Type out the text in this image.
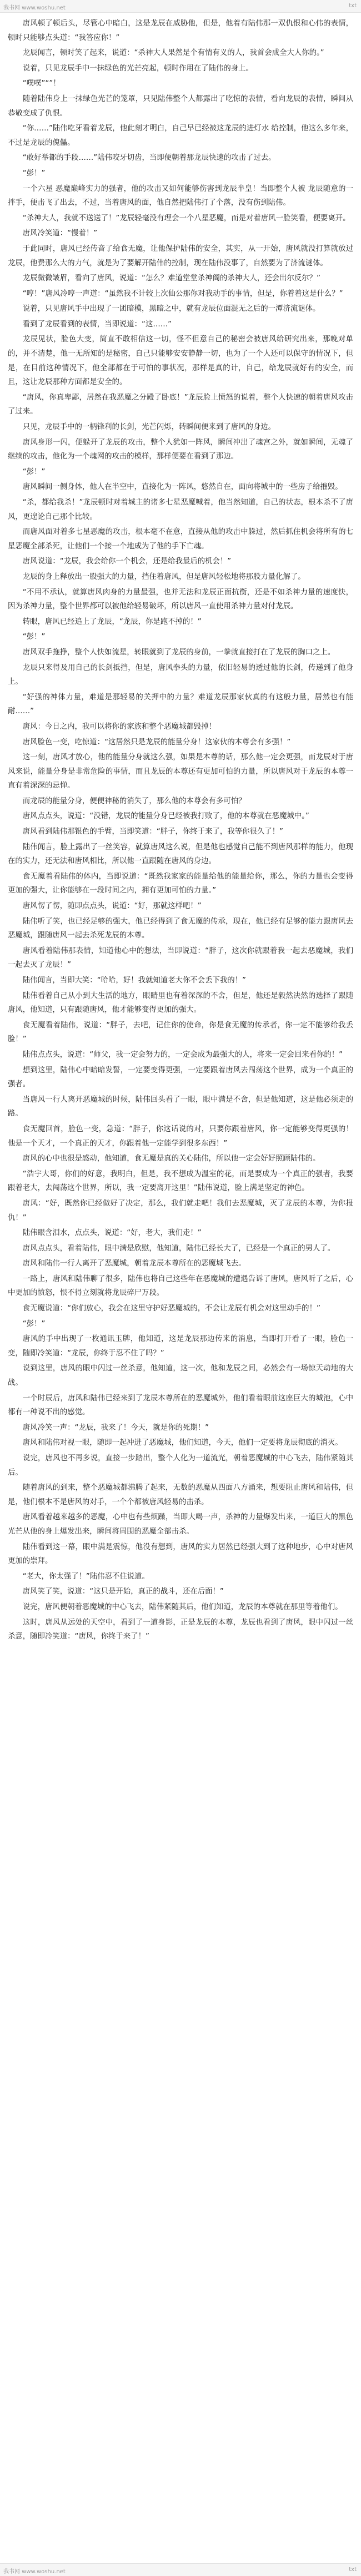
我书网 www.woshu.net	txt

唐风顿了顿后头，尽管心中暗白，这是龙辰在威胁他，但是，他着有陆伟那一双仇恨和心伟的表情，顿时只能够点头道：“我答应你！”

龙辰闻言，顿时笑了起来，说道：“杀神大人果然是个有情有义的人，我首会成全大人你的。”

说着，只见龙辰手中一抹绿色的光芒亮起，顿时作用在了陆伟的身上。

“噗噗”“”！

随着陆伟身上一抹绿色光芒的笼罩，只见陆伟整个人都露出了吃惊的表情，看向龙辰的表情，瞬间从恭敬变成了仇恨。

“你……”陆伟吃牙看着龙辰，他此刻才明白，自己早已经被这龙辰的进灯水 给控制，他这么多年来，不过是龙辰的傀儡。

“敢好举都的手段……”陆伟咬牙切齿，当即便朝着那龙辰快速的攻击了过去。

“彭！”

一个六星 恶魔巅峰实力的强者，他的攻击又如何能够伤害到龙辰半皇！当即整个人被 龙辰随意的一拌手，便击飞了出去，不过，当着唐风的面，他自然把陆伟打了个落，没有伤到陆伟。

“杀神大人，我就不送送了！”龙辰轻毫没有理会一个八星恶魔，而是对着唐风一脸笑看，便要离开。

唐风冷笑道：“慢着！”

于此同时，唐风已经传音了给食无魔，让他保护陆伟的安全，其实，从一开始，唐风就没打算就放过龙辰，他费那么大的力气，就是为了要解开陆伟的控制，现在陆伟没事了，自然要为了济流谜体。

龙辰微微皱眉，看向了唐风，说道：“怎么？难道堂堂杀神阁的杀神大人，还会出尔反尔？”

“哼！”唐风冷哼一声道：“虽然我不计较上次仙公那你对我动手的事情，但是，你着着这是什么？”

说着，只见唐风手中出现了一团暗模，黑暗之中，就有龙辰位面混无之后的一潭济流谜体。

看到了龙辰看到的表情，当即说道：“这……”

龙辰见状，脸色大变，简直不敢相信这一切，怪不但意自己的秘密会被唐风给研究出来，那晚对单的，并不清楚，他一无所知的是秘密，自己只能够安安静静一切，也为了一个人还可以保守的情况下，但是，在目前这种情况下，他全部都在于可怕的事状况，那样是真的计，自己，给龙辰就好有的安全，而且，这让龙辰那种方面都是安全的。

“唐风，你真卑鄙，居然在我恶魔之分殿了卧底！”龙辰脸上愤怒的说着，整个人快速的朝着唐风攻击了过来。

只见，龙辰手中的一柄锋利的长剑，光芒闪烁，转瞬间便来到了唐风的身边。

唐风身形一闪，便躲开了龙辰的攻击，整个人犹如一阵风，瞬间冲出了魂宫之外，就如瞬间，无魂了继续的攻击，他化为一个魂网的攻击的模样，那样便要在看到了那边。

“彭！”

唐风瞬间一侧身体，他人在半空中，直接化为一阵风，悠然自在，面向将城中的一些房子给摧毁。

“杀，都给我杀！”龙辰顿时对着城主的诸多七星恶魔喊着，他当然知道，自己的状态，根本杀不了唐风，更遑论自己那个比较。

而唐风面对着多七星恶魔的攻击，根本毫不在意，直接从他的攻击中躲过，然后抓住机会将所有的七星恶魔全部杀死，让他们一个接一个地成为了他的手下亡魂。

唐风说道：“龙辰，我会给你一个机会，还是给我最后的机会！”

龙辰的身上释放出一股强大的力量，挡住着唐风，但是唐风轻松地将那股力量化解了。

“不用不承认，就算唐风肉身的力量最强，也并无法和龙辰正面抗衡，还是不如杀神力量的速度快，因为杀神力量，整个世界都可以被他给轻易破坏，所以唐风一直使用杀神力量对付龙辰。

转眼，唐风已经追上了龙辰，“龙辰，你是跑不掉的！”

“彭！”

唐风双手拖挣，整个人快如流星，转眼就到了龙辰的身前，一拳就直接打在了龙辰的胸口之上。

龙辰只来得及用自己的长剑抵挡，但是，唐风拳头的力量，依旧轻易的透过他的长剑，传递到了他身上。

“好强的神体力量，难道是那轻易的关押中的力量？难道龙辰那家伙真的有这般力量，居然也有能耐……”

唐风：今日之内，我可以将你的家族和整个恶魔城都毁掉！

唐风脸色一变，吃惊道：“这居然只是龙辰的能量分身！这家伙的本尊会有多强！”

这一刻，唐风才放心，他的能量分身就这么强，如果是本尊的话，那么他一定会更强，而龙辰对于唐风来说，能量分身是非常危险的事情，而且龙辰的本尊还有更加可怕的力量，所以唐风对于龙辰的本尊一直有着深深的忌惮。

而龙辰的能量分身，便便神秘的消失了，那么他的本尊会有多可怕？

唐风点点头，说道：“没错，龙辰的能量分身已经被我打败了，他的本尊就在恶魔城中。”

唐风看到陆伟那银色的手臂，当即笑道：“胖子，你终于来了，我等你很久了！”

陆伟闻言，脸上露出了一丝笑容，就算唐风这么说，但是他也感觉自己能不到唐风那样的能力，他现在的实力，还无法和唐风相比，所以他一直跟随在唐风的身边。

食无魔着看陆伟的体内，当即说道：“既然我家家的能量给他的能量给你，那么，你的力量也会变得更加的强大，让你能够在一段时间之内，拥有更加可怕的力量。”

唐风愣了愣，随即点点头，说道：“好，那就这样吧！”

陆伟听了笑，也已经足够的强大，他已经得到了食无魔的传承，现在，他已经有足够的能力跟唐风去恶魔城，跟随唐风一起去杀死龙辰的本尊。

唐风看着陆伟那表情，知道他心中的想法，当即说道：“胖子，这次你就跟着我一起去恶魔城，我们一起去灭了龙辰！”

陆伟闻言，当即大笑：“哈哈，好！我就知道老大你不会丢下我的！”

陆伟看着自己从小到大生活的地方，眼睛里也有着深深的不舍，但是，他还是毅然决然的选择了跟随唐风，他知道，只有跟随唐风，他才能够变得更加的强大。

食无魔看着陆伟，说道：“胖子，去吧，记住你的使命，你是食无魔的传承者，你一定不能够给我丢脸！”

陆伟点点头，说道：“师父，我一定会努力的，一定会成为最强大的人，将来一定会回来看你的！”

想到这里，陆伟心中暗暗发誓，一定要变得更强，一定要跟着唐风去闯荡这个世界，成为一个真正的强者。

当唐风一行人离开恶魔城的时候，陆伟回头看了一眼，眼中满是不舍，但是他知道，这是他必须走的路。

食无魔回首，脸色一变，急道：“胖子，你这话说的对，只要你跟着唐风，你一定能够变得更强的！他是一个天才，一个真正的天才，你跟着他一定能学到很多东西！”

唐风的心中也很是感动，他知道，食无魔是真的关心陆伟，所以他一定会好好照顾陆伟的。

“浩宇大哥，你们的好意，我明白，但是，我不想成为温室的花，而是要成为一个真正的强者，我要跟着老大，去闯荡这个世界，所以，我一定要离开这里！”陆伟说道，脸上满是坚定的神色。

唐风：“好，既然你已经做好了决定，那么，我们就走吧！我们去恶魔城，灭了龙辰的本尊，为你报仇！”

陆伟眼含泪水，点点头，说道：“好，老大，我们走！”

唐风点点头，看着陆伟，眼中满是欣慰，他知道，陆伟已经长大了，已经是一个真正的男人了。

唐风和陆伟一行人离开了恶魔城，朝着龙辰本尊所在的恶魔城飞去。

一路上，唐风和陆伟聊了很多，陆伟也将自己这些年在恶魔城的遭遇告诉了唐风，唐风听了之后，心中更加的愤怒，恨不得立刻就将龙辰碎尸万段。

食无魔说道：“你们放心，我会在这里守护好恶魔城的，不会让龙辰有机会对这里动手的！”

“彭！”

唐风的手中出现了一枚通讯玉牌，他知道，这是龙辰那边传来的消息，当即打开看了一眼，脸色一变，随即冷笑道：“龙辰，你终于忍不住了吗？”

说到这里，唐风的眼中闪过一丝杀意，他知道，这一次，他和龙辰之间，必然会有一场惊天动地的大战。

一个时辰后，唐风和陆伟已经来到了龙辰本尊所在的恶魔城外，他们看着眼前这座巨大的城池，心中都有一种说不出的感觉。

唐风冷笑一声：“龙辰，我来了！今天，就是你的死期！”

唐风和陆伟对视一眼，随即一起冲进了恶魔城，他们知道，今天，他们一定要将龙辰彻底的消灭。

说完，唐风也不再多说，直接一步踏出，整个人化为一道流光，朝着恶魔城的中心飞去，陆伟紧随其后。

随着唐风的到来，整个恶魔城都沸腾了起来，无数的恶魔从四面八方涌来，想要阻止唐风和陆伟，但是，他们根本不是唐风的对手，一个个都被唐风轻易的击杀。

唐风看着越来越多的恶魔，心中也有些烦躁，当即大喝一声，杀神的力量爆发出来，一道巨大的黑色光芒从他的身上爆发出来，瞬间将周围的恶魔全部击杀。

陆伟看到这一幕，眼中满是震惊，他没有想到，唐风的实力居然已经强大到了这种地步，心中对唐风更加的崇拜。

“老大，你太强了！”陆伟忍不住说道。

唐风笑了笑，说道：“这只是开始，真正的战斗，还在后面！”

说完，唐风便朝着恶魔城的中心飞去，陆伟紧随其后，他们知道，龙辰的本尊就在那里等着他们。

这时，唐风从远处的天空中，看到了一道身影，正是龙辰的本尊，龙辰也看到了唐风，眼中闪过一丝杀意，随即冷笑道：“唐风，你终于来了！”

我书网 www.woshu.net	txt
